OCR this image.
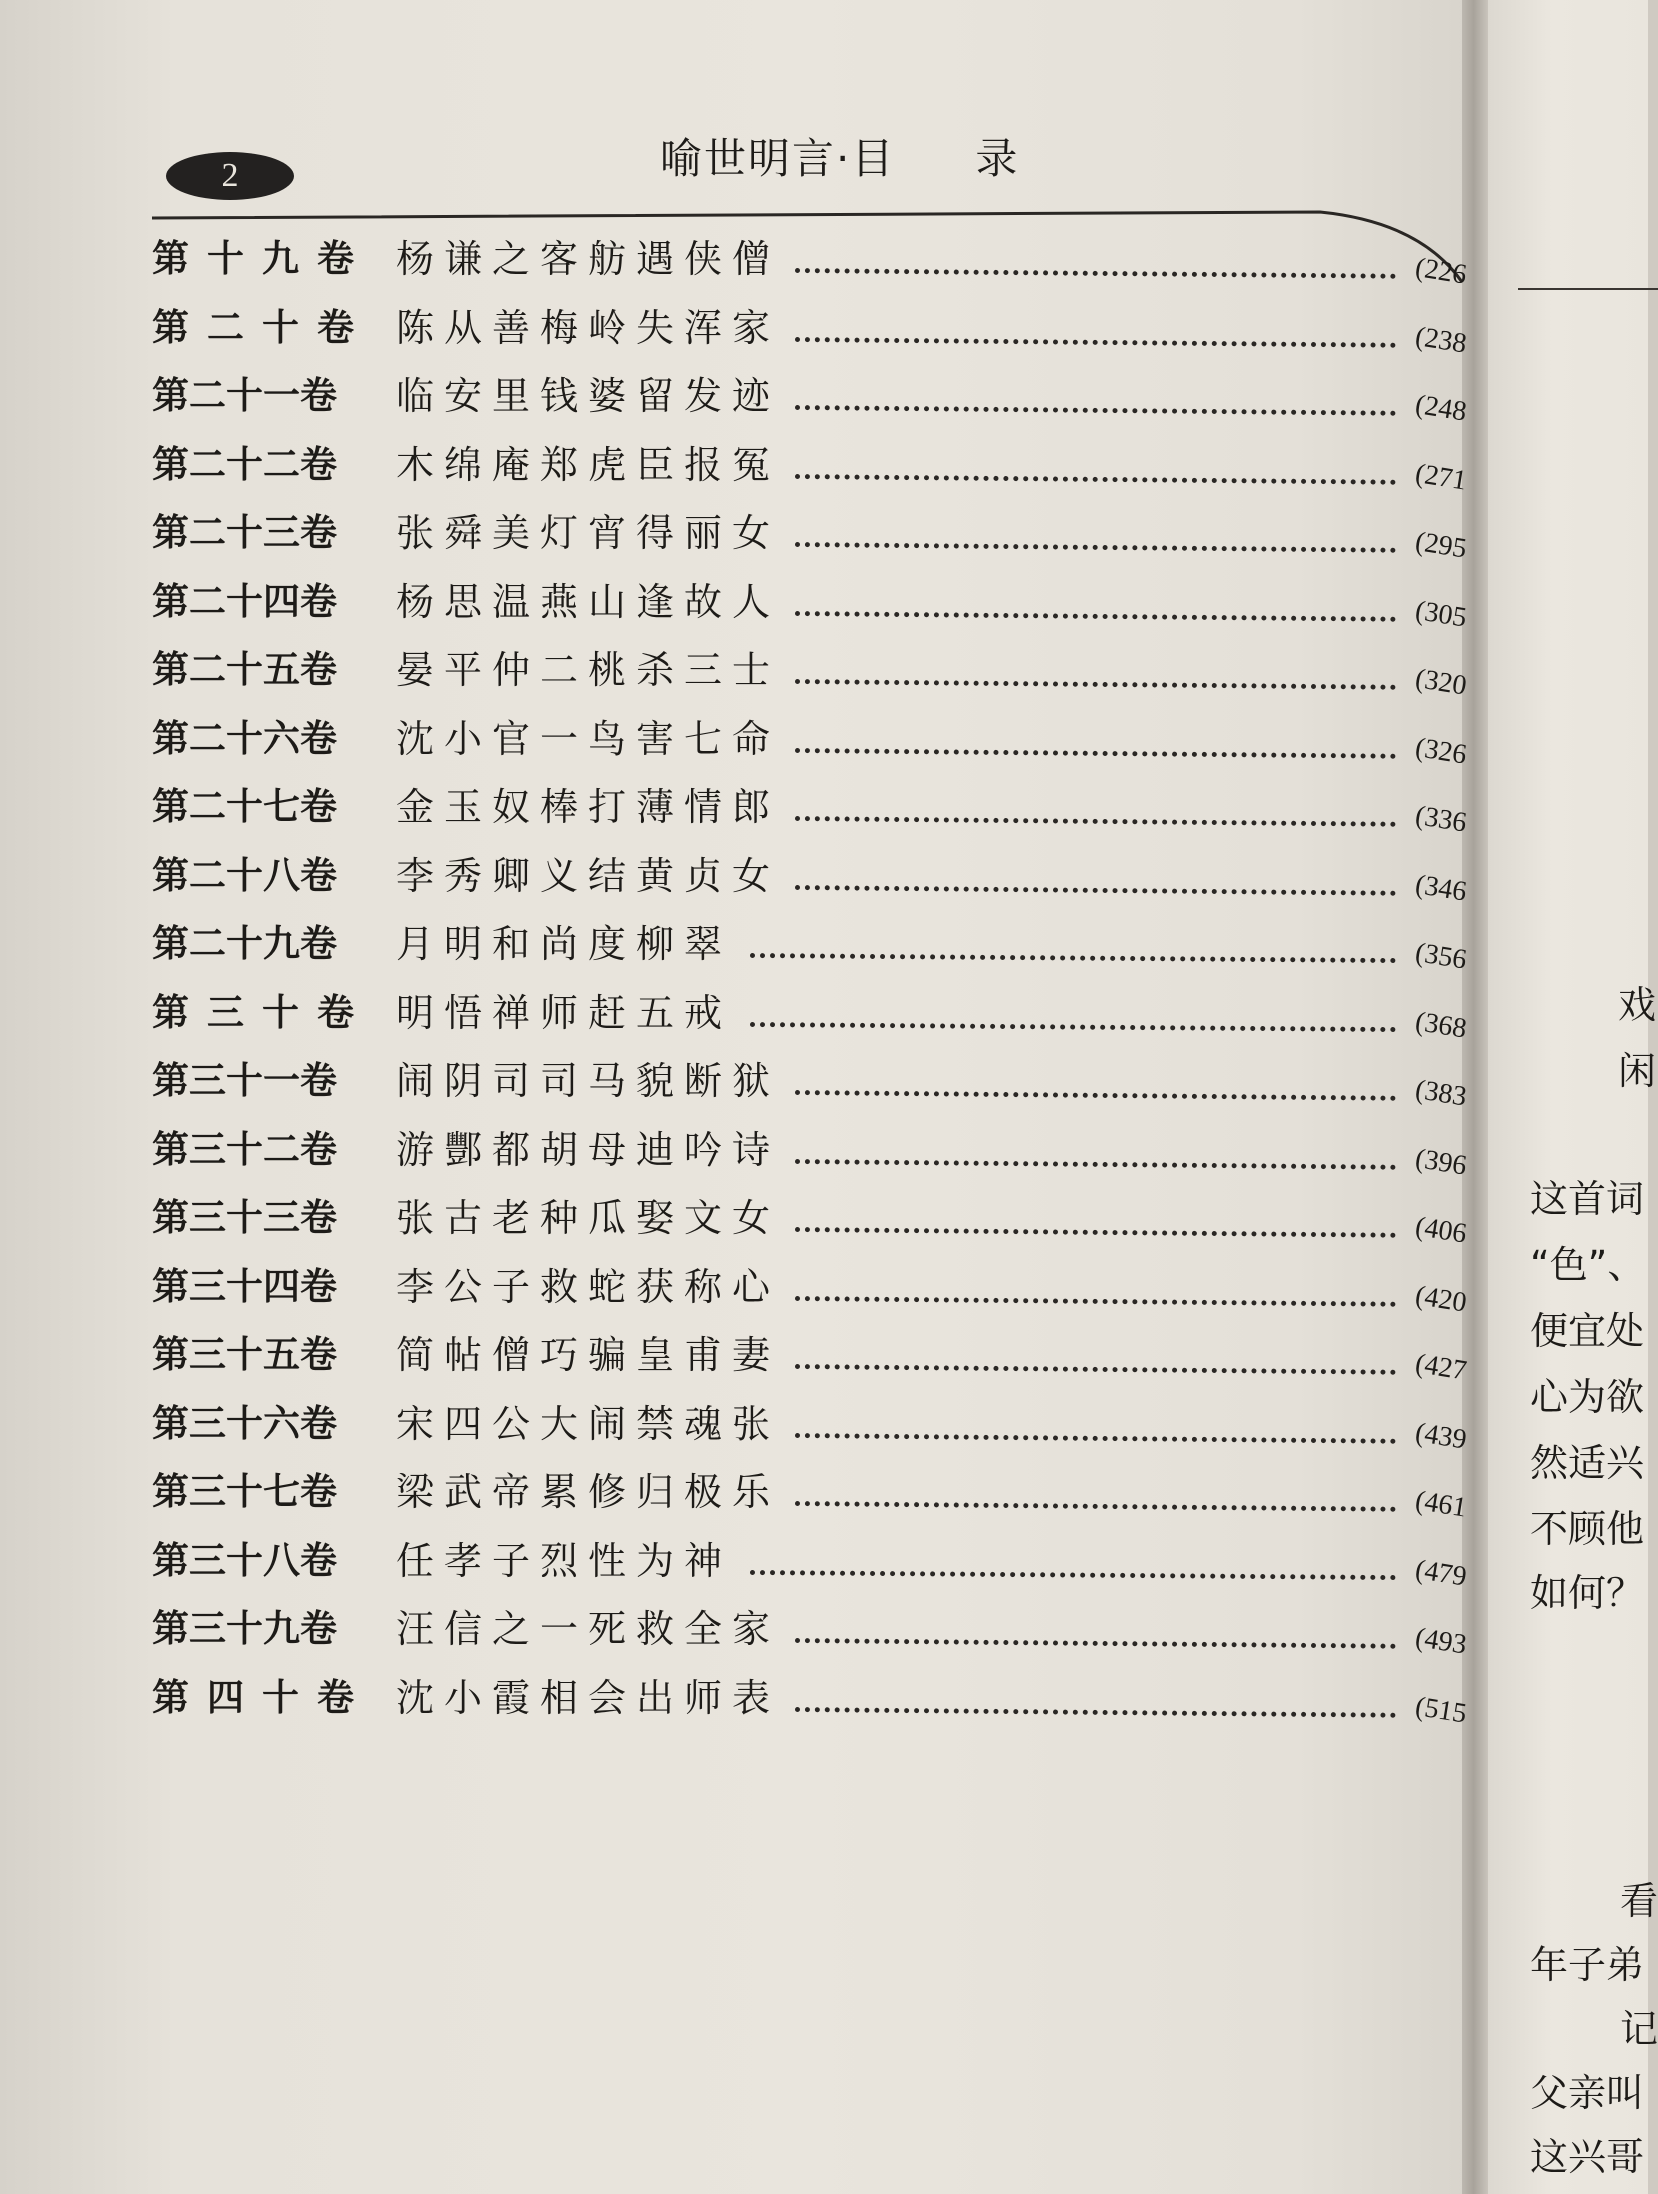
戏
闲
这首词
“色”、
便宜处
心为欲
然适兴
不顾他
如何？
看
年子弟
记
父亲叫
这兴哥
2	喻世明言·目 录
第十九卷 杨谦之客舫遇侠僧	(226
第二十卷 陈从善梅岭失浑家	(238
第二十一卷 临安里钱婆留发迹	(248
第二十二卷 木绵庵郑虎臣报冤	(271
第二十三卷 张舜美灯宵得丽女	(295
第二十四卷 杨思温燕山逢故人	(305
第二十五卷 晏平仲二桃杀三士	(320
第二十六卷 沈小官一鸟害七命	(326
第二十七卷 金玉奴棒打薄情郎	(336
第二十八卷 李秀卿义结黄贞女	(346
第二十九卷 月明和尚度柳翠	(356
第三十卷 明悟禅师赶五戒	(368
第三十一卷 闹阴司司马貌断狱	(383
第三十二卷 游酆都胡母迪吟诗	(396
第三十三卷 张古老种瓜娶文女	(406
第三十四卷 李公子救蛇获称心	(420
第三十五卷 简帖僧巧骗皇甫妻	(427
第三十六卷 宋四公大闹禁魂张	(439
第三十七卷 梁武帝累修归极乐	(461
第三十八卷 任孝子烈性为神	(479
第三十九卷 汪信之一死救全家	(493
第四十卷 沈小霞相会出师表	(515
